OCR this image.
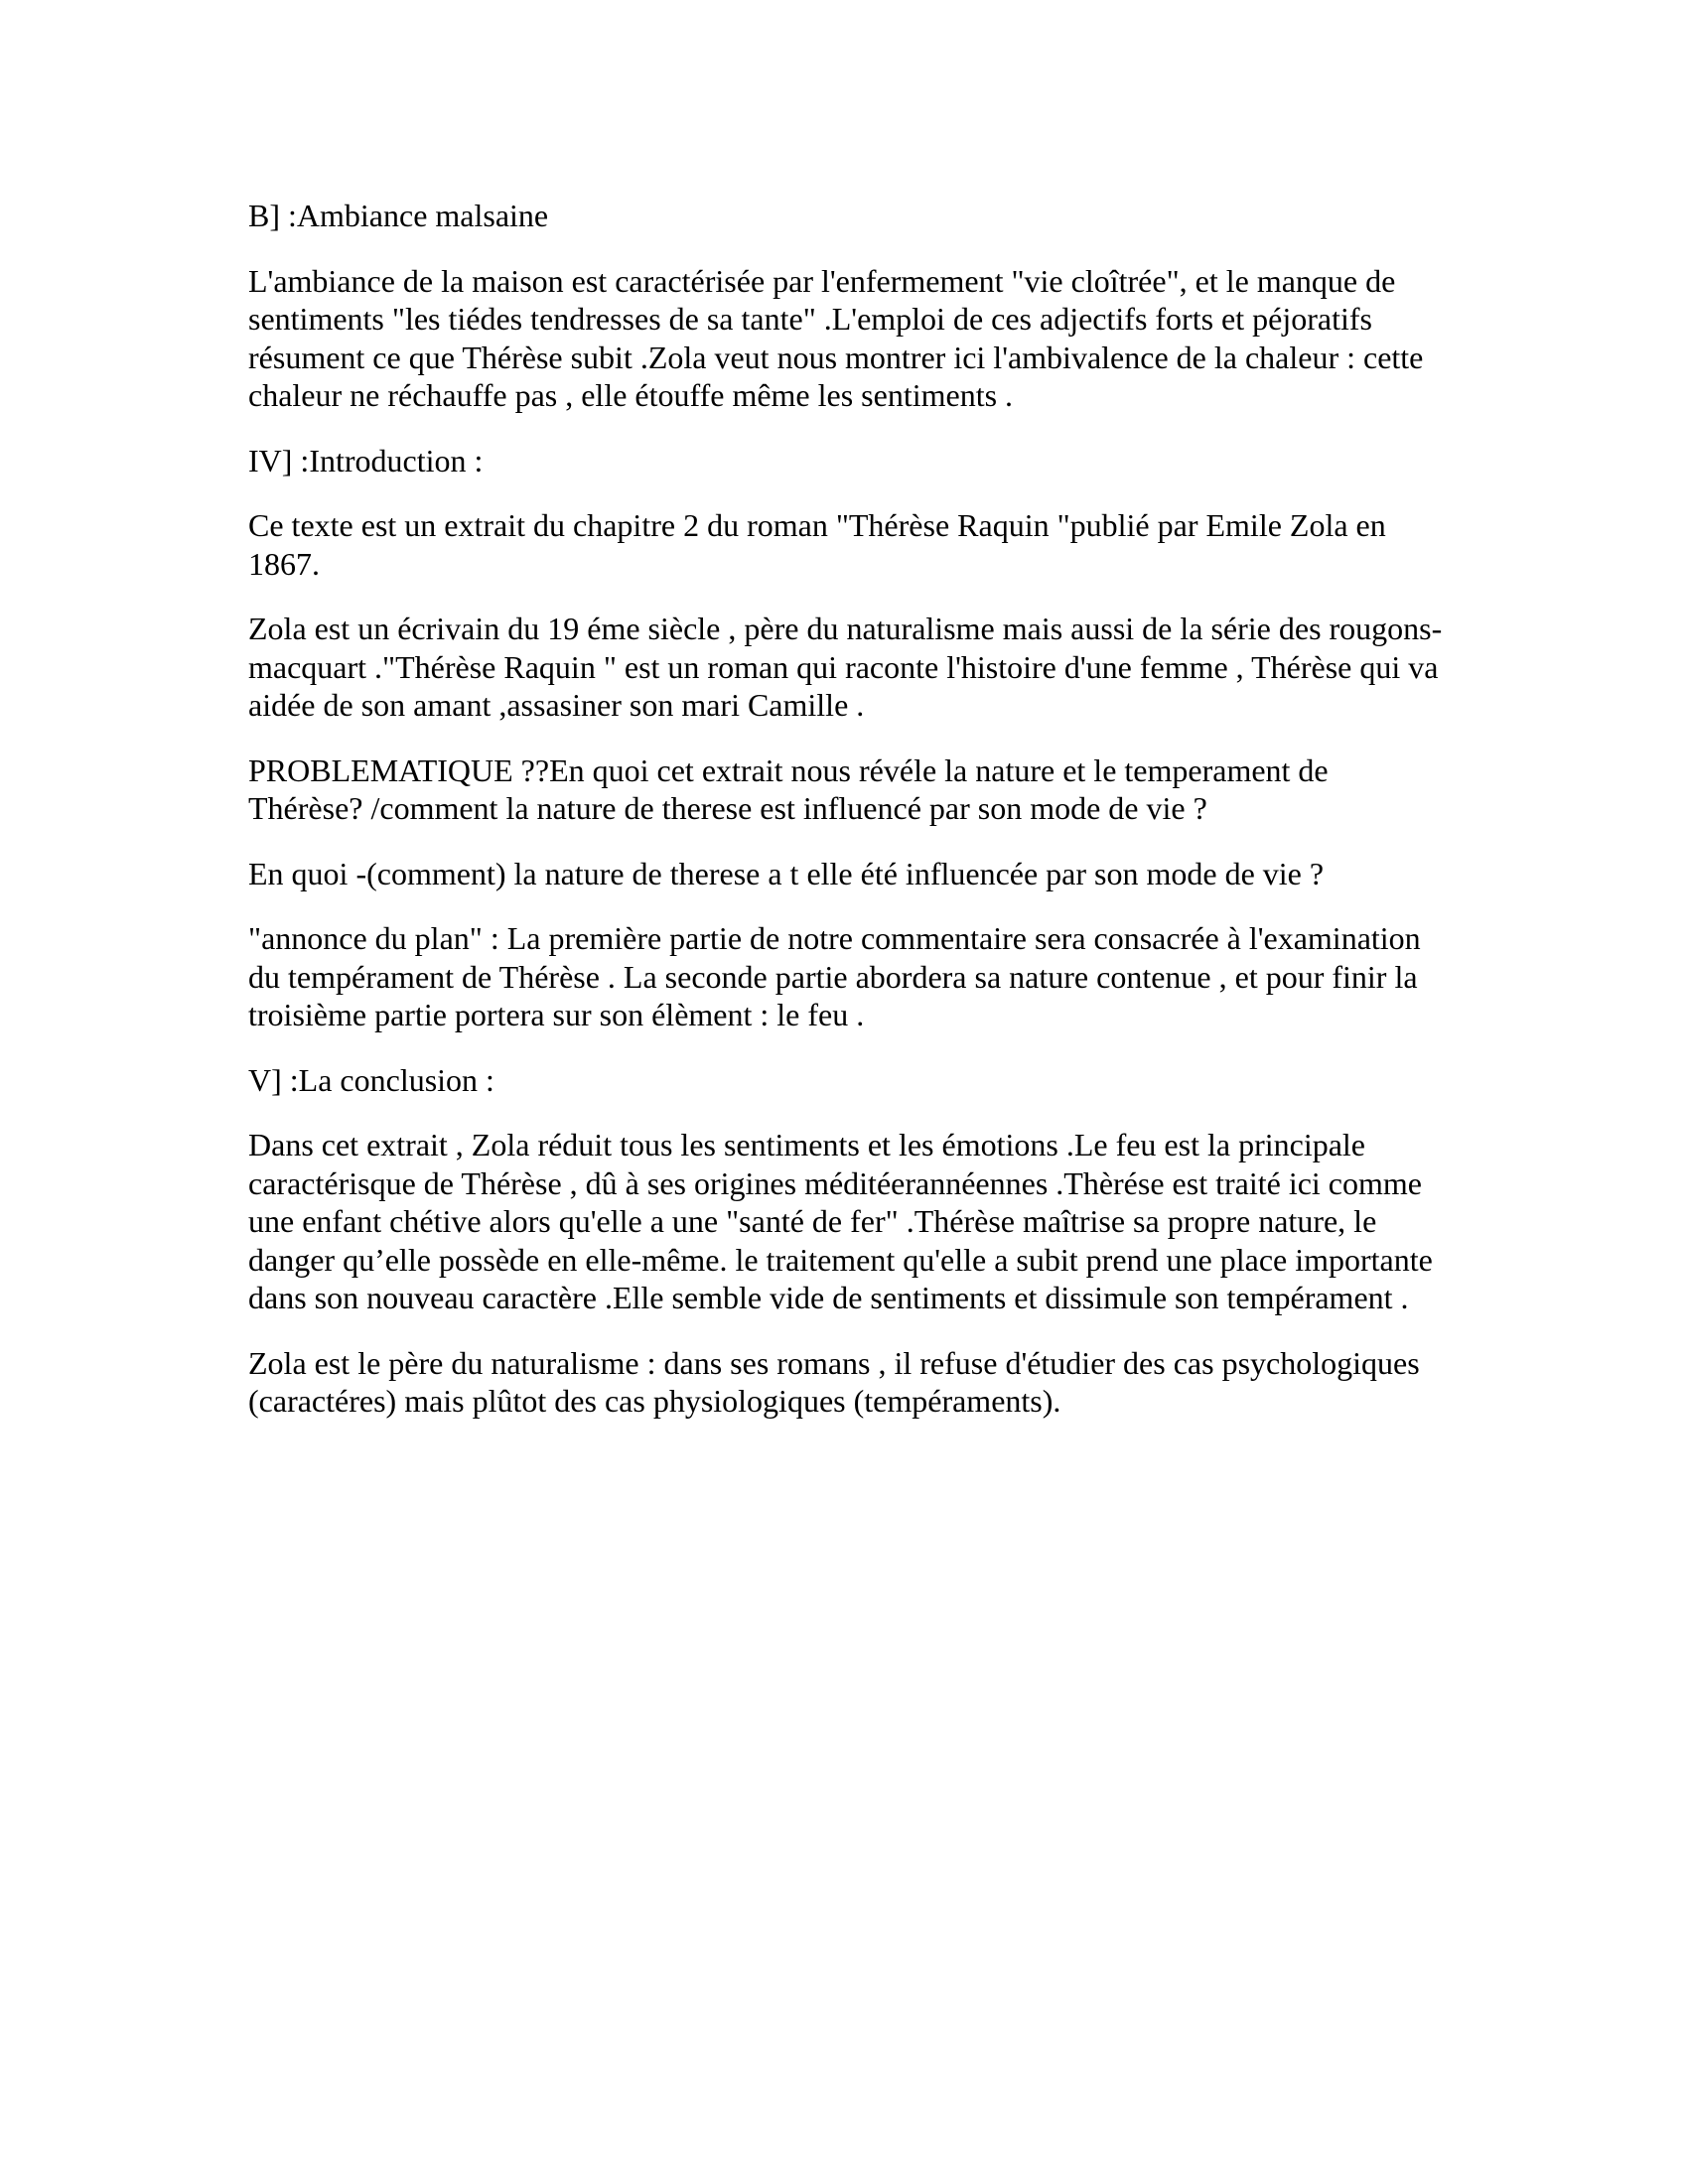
B] :Ambiance malsaine

L'ambiance de la maison est caractérisée par l'enfermement "vie cloîtrée", et le manque de sentiments "les tiédes tendresses de sa tante" .L'emploi de ces adjectifs forts et péjoratifs résument ce que Thérèse subit .Zola veut nous montrer ici l'ambivalence de la chaleur : cette chaleur ne réchauffe pas , elle étouffe même les sentiments .

IV] :Introduction :

Ce texte est un extrait du chapitre 2 du roman "Thérèse Raquin "publié par Emile Zola en 1867.

Zola est un écrivain du 19 éme siècle , père du naturalisme mais aussi de la série des rougons-macquart ."Thérèse Raquin " est un roman qui raconte l'histoire d'une femme , Thérèse qui va aidée de son amant ,assasiner son mari Camille .

PROBLEMATIQUE ??En quoi cet extrait nous révéle la nature et le temperament de Thérèse? /comment la nature de therese est influencé par son mode de vie ?

En quoi -(comment) la nature de therese a t elle été influencée par son mode de vie ?

"annonce du plan" : La première partie de notre commentaire sera consacrée à l'examination du tempérament de Thérèse . La seconde partie abordera sa nature contenue , et pour finir la troisième partie portera sur son élèment : le feu .

V] :La conclusion :

Dans cet extrait , Zola réduit tous les sentiments et les émotions .Le feu est la principale caractérisque de Thérèse , dû à ses origines méditéerannéennes .Thèrése est traité ici comme une enfant chétive alors qu'elle a une "santé de fer" .Thérèse maîtrise sa propre nature, le danger qu’elle possède en elle-même. le traitement qu'elle a subit prend une place importante dans son nouveau caractère .Elle semble vide de sentiments et dissimule son tempérament .

Zola est le père du naturalisme : dans ses romans , il refuse d'étudier des cas psychologiques (caractéres) mais plûtot des cas physiologiques (tempéraments).
